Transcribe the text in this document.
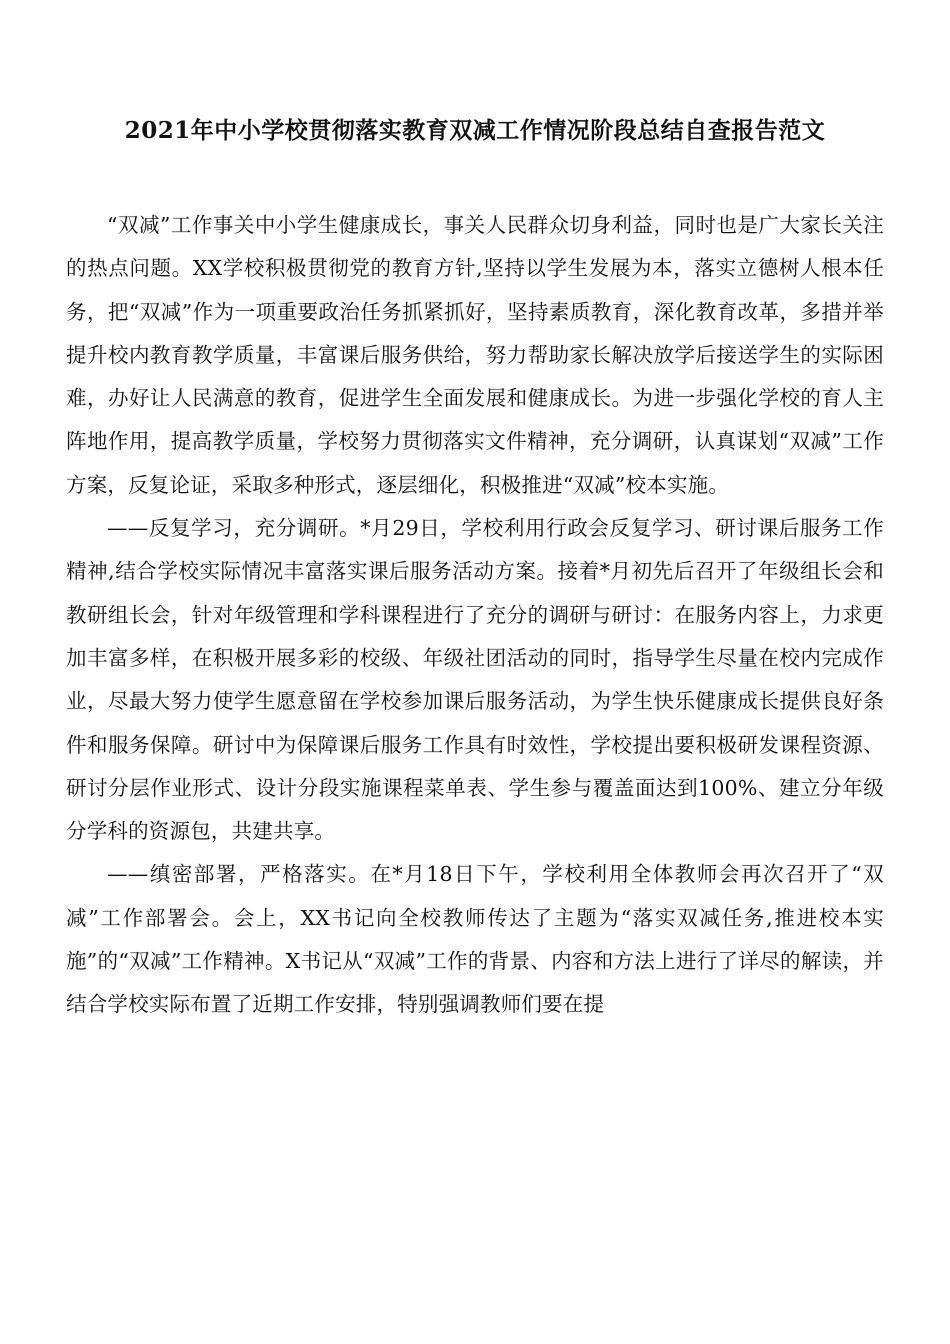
2021年中小学校贯彻落实教育双减工作情况阶段总结自查报告范文

“双减”工作事关中小学生健康成长，事关人民群众切身利益，同时也是广大家长关注的热点问题。XX学校积极贯彻党的教育方针,坚持以学生发展为本，落实立德树人根本任务，把“双减”作为一项重要政治任务抓紧抓好，坚持素质教育，深化教育改革，多措并举提升校内教育教学质量，丰富课后服务供给，努力帮助家长解决放学后接送学生的实际困难，办好让人民满意的教育，促进学生全面发展和健康成长。为进一步强化学校的育人主阵地作用，提高教学质量，学校努力贯彻落实文件精神，充分调研，认真谋划“双减”工作方案，反复论证，采取多种形式，逐层细化，积极推进“双减”校本实施。

——反复学习，充分调研。*月29日，学校利用行政会反复学习、研讨课后服务工作精神,结合学校实际情况丰富落实课后服务活动方案。接着*月初先后召开了年级组长会和教研组长会，针对年级管理和学科课程进行了充分的调研与研讨：在服务内容上，力求更加丰富多样，在积极开展多彩的校级、年级社团活动的同时，指导学生尽量在校内完成作业，尽最大努力使学生愿意留在学校参加课后服务活动，为学生快乐健康成长提供良好条件和服务保障。研讨中为保障课后服务工作具有时效性，学校提出要积极研发课程资源、研讨分层作业形式、设计分段实施课程菜单表、学生参与覆盖面达到100%、建立分年级分学科的资源包，共建共享。

——缜密部署，严格落实。在*月18日下午，学校利用全体教师会再次召开了“双减”工作部署会。会上，XX书记向全校教师传达了主题为“落实双减任务,推进校本实施”的“双减”工作精神。X书记从“双减”工作的背景、内容和方法上进行了详尽的解读，并结合学校实际布置了近期工作安排，特别强调教师们要在提
